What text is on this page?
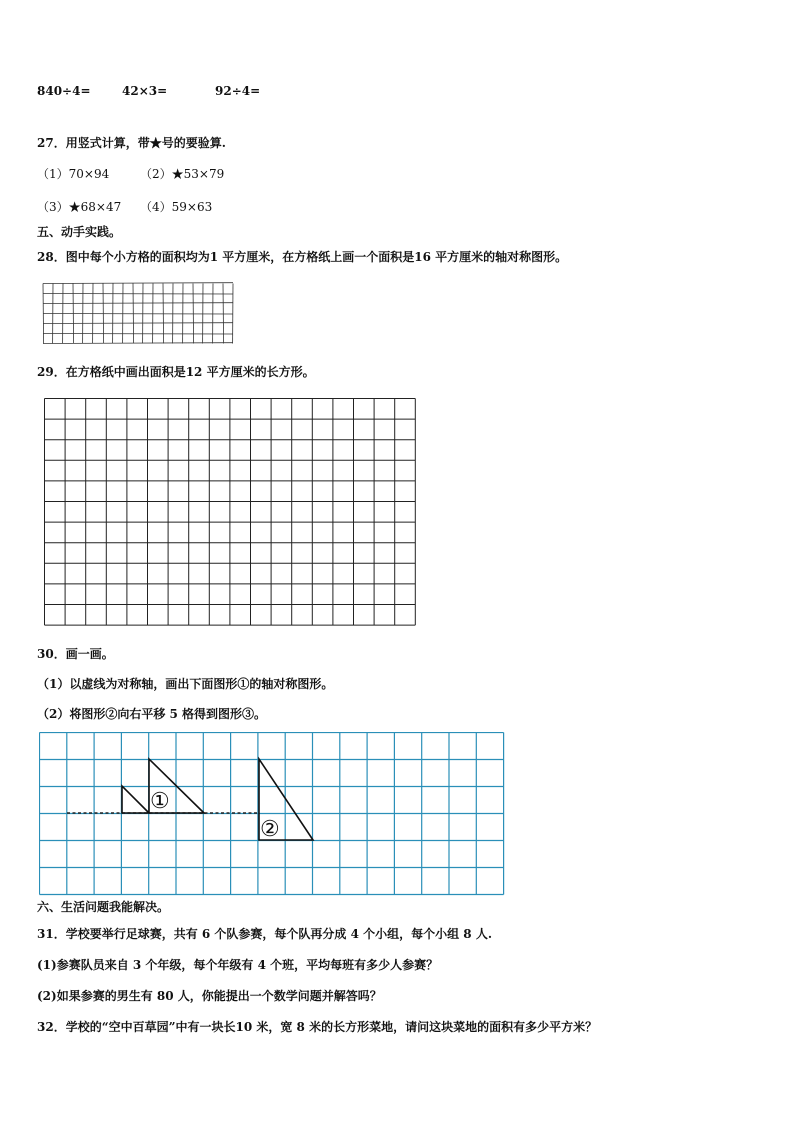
840÷4=	42×3=	92÷4=
27．用竖式计算，带★号的要验算.
（1）70×94	（2）★53×79
（3）★68×47 （4）59×63
五、动手实践。
28．图中每个小方格的面积均为1 平方厘米，在方格纸上画一个面积是16 平方厘米的轴对称图形。
29．在方格纸中画出面积是12 平方厘米的长方形。
30．画一画。
（1）以虚线为对称轴，画出下面图形①的轴对称图形。
（2）将图形②向右平移 5 格得到图形③。
①
②
六、生活问题我能解决。
31．学校要举行足球赛，共有 6 个队参赛，每个队再分成 4 个小组，每个小组 8 人.
(1)参赛队员来自 3 个年级，每个年级有 4 个班，平均每班有多少人参赛？
(2)如果参赛的男生有 80 人，你能提出一个数学问题并解答吗？
32．学校的“空中百草园”中有一块长10 米，宽 8 米的长方形菜地，请问这块菜地的面积有多少平方米？
